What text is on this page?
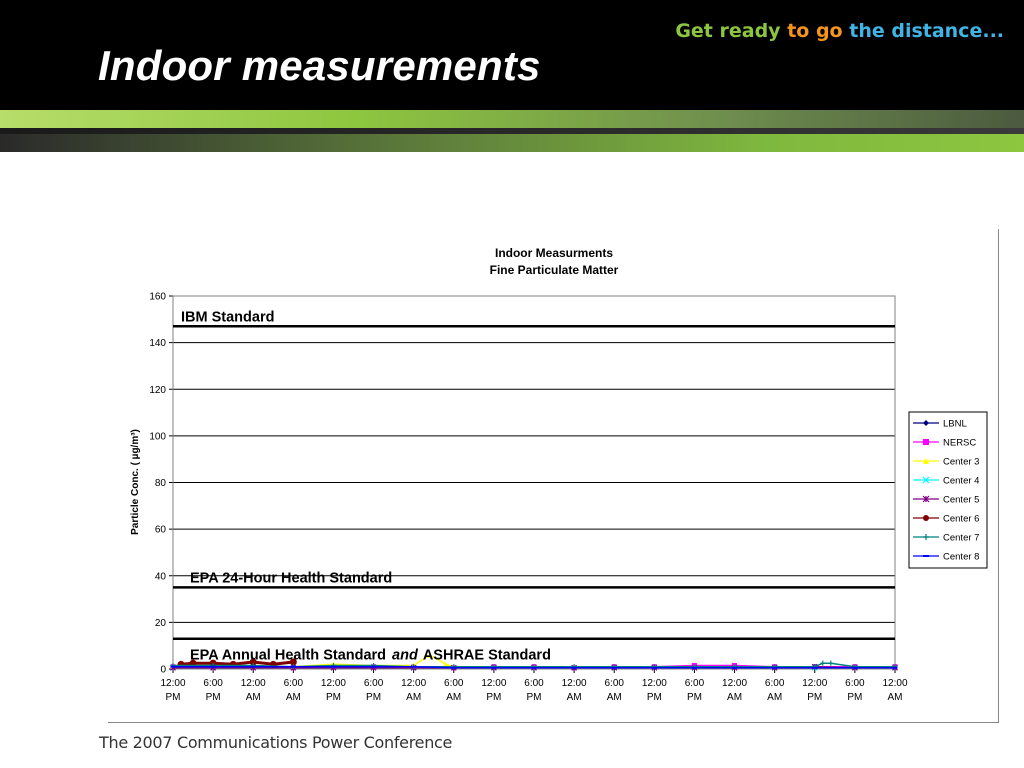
Indoor measurements
Get ready to go the distance...
Indoor Measurments
Fine Particulate Matter
Particle Conc. ( µg/m³)
0
20
40
60
80
100
120
140
160
12:00
PM
6:00
PM
12:00
AM
6:00
AM
12:00
PM
6:00
PM
12:00
AM
6:00
AM
12:00
PM
6:00
PM
12:00
AM
6:00
AM
12:00
PM
6:00
PM
12:00
AM
6:00
AM
12:00
PM
6:00
PM
12:00
AM
IBM Standard
EPA 24-Hour Health Standard
EPA Annual Health Standard and ASHRAE Standard
LBNL
NERSC
Center 3
Center 4
Center 5
Center 6
Center 7
Center 8
The 2007 Communications Power Conference
